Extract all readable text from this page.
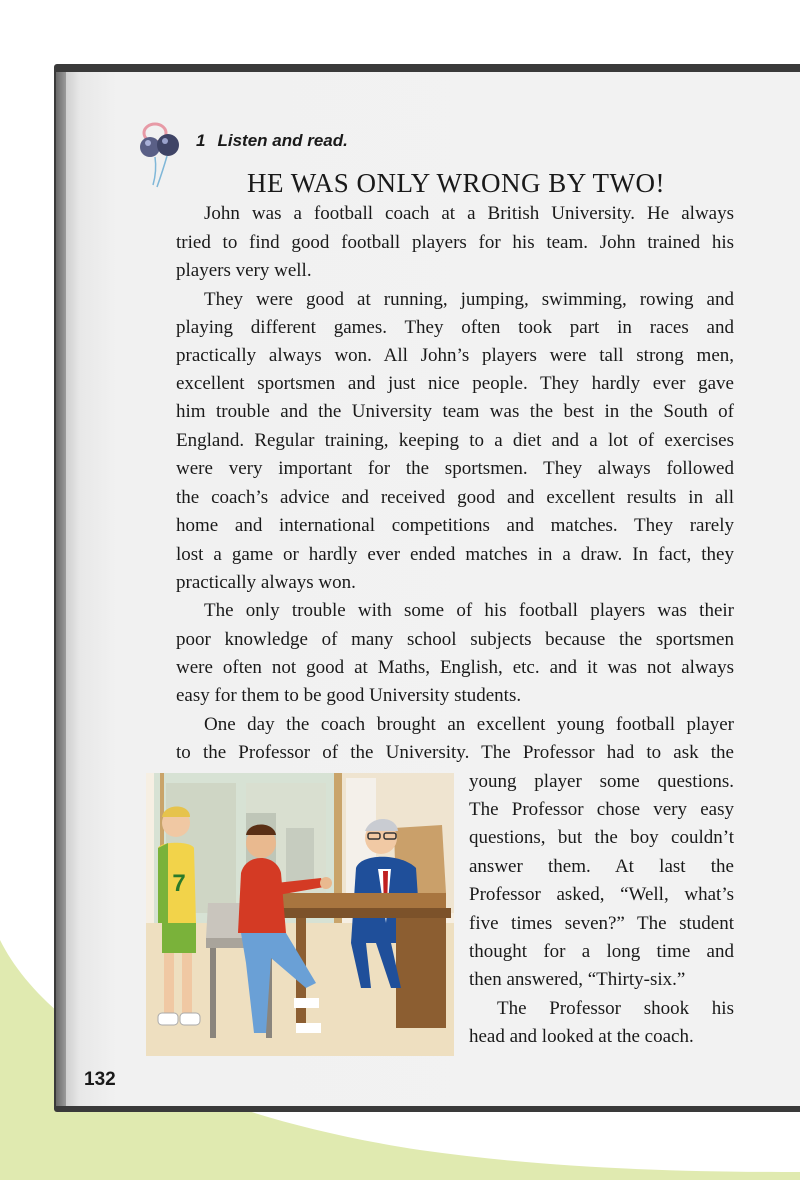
1 Listen and read.
HE WAS ONLY WRONG BY TWO!
John was a football coach at a British University. He always
tried to find good football players for his team. John trained his
players very well.
They were good at running, jumping, swimming, rowing and
playing different games. They often took part in races and
practically always won. All John’s players were tall strong men,
excellent sportsmen and just nice people. They hardly ever gave
him trouble and the University team was the best in the South of
England. Regular training, keeping to a diet and a lot of exercises
were very important for the sportsmen. They always followed
the coach’s advice and received good and excellent results in all
home and international competitions and matches. They rarely
lost a game or hardly ever ended matches in a draw. In fact, they
practically always won.
The only trouble with some of his football players was their
poor knowledge of many school subjects because the sportsmen
were often not good at Maths, English, etc. and it was not always
easy for them to be good University students.
One day the coach brought an excellent young football player
to the Professor of the University. The Professor had to ask the
young player some questions.
The Professor chose very easy
questions, but the boy couldn’t
answer them. At last the
Professor asked, “Well, what’s
five times seven?” The student
thought for a long time and
then answered, “Thirty-six.”
The Professor shook his
head and looked at the coach.
7
132
